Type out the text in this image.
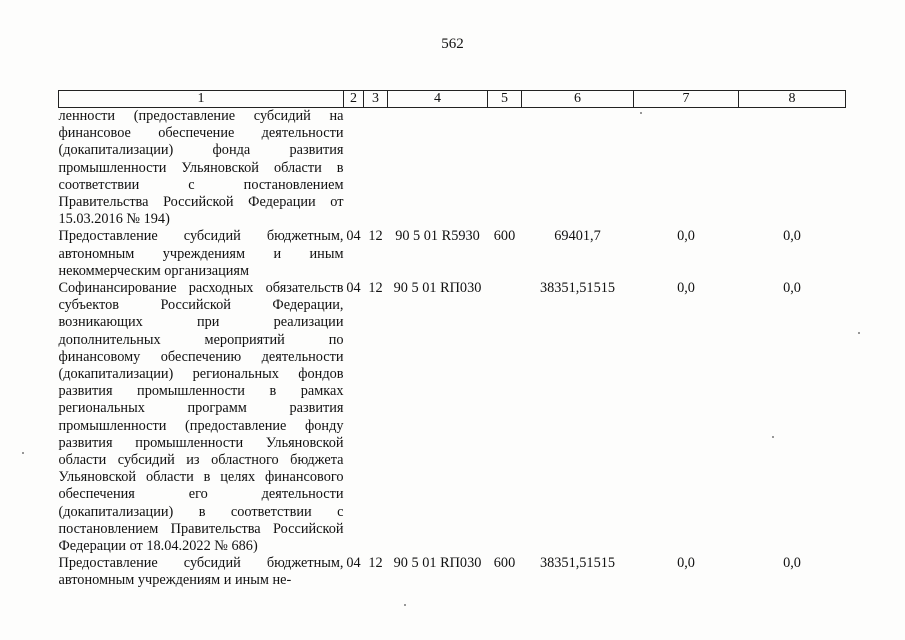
562
1	2	3	4	5	6	7	8
ленности (предоставление субсидий на финансовое обеспечение деятельности (докапитализации) фонда развития промышленности Ульяновской области в соответствии с постановлением Правительства Российской Федерации от 15.03.2016 № 194)							
Предоставление субсидий бюджетным, автономным учреждениям и иным некоммерческим организациям	04	12	90 5 01 R5930	600	69401,7	0,0	0,0
Софинансирование расходных обязательств субъектов Российской Федерации, возникающих при реализации дополнительных мероприятий по финансовому обеспечению деятельности (докапитализации) региональных фондов развития промышленности в рамках региональных программ развития промышленности (предоставление фонду развития промышленности Ульяновской области субсидий из областного бюджета Ульяновской области в целях финансового обеспечения его деятельности (докапитализации) в соответствии с постановлением Правительства Российской Федерации от 18.04.2022 № 686)	04	12	90 5 01 RП030		38351,51515	0,0	0,0
Предоставление субсидий бюджетным, автономным учреждениям и иным не-	04	12	90 5 01 RП030	600	38351,51515	0,0	0,0
